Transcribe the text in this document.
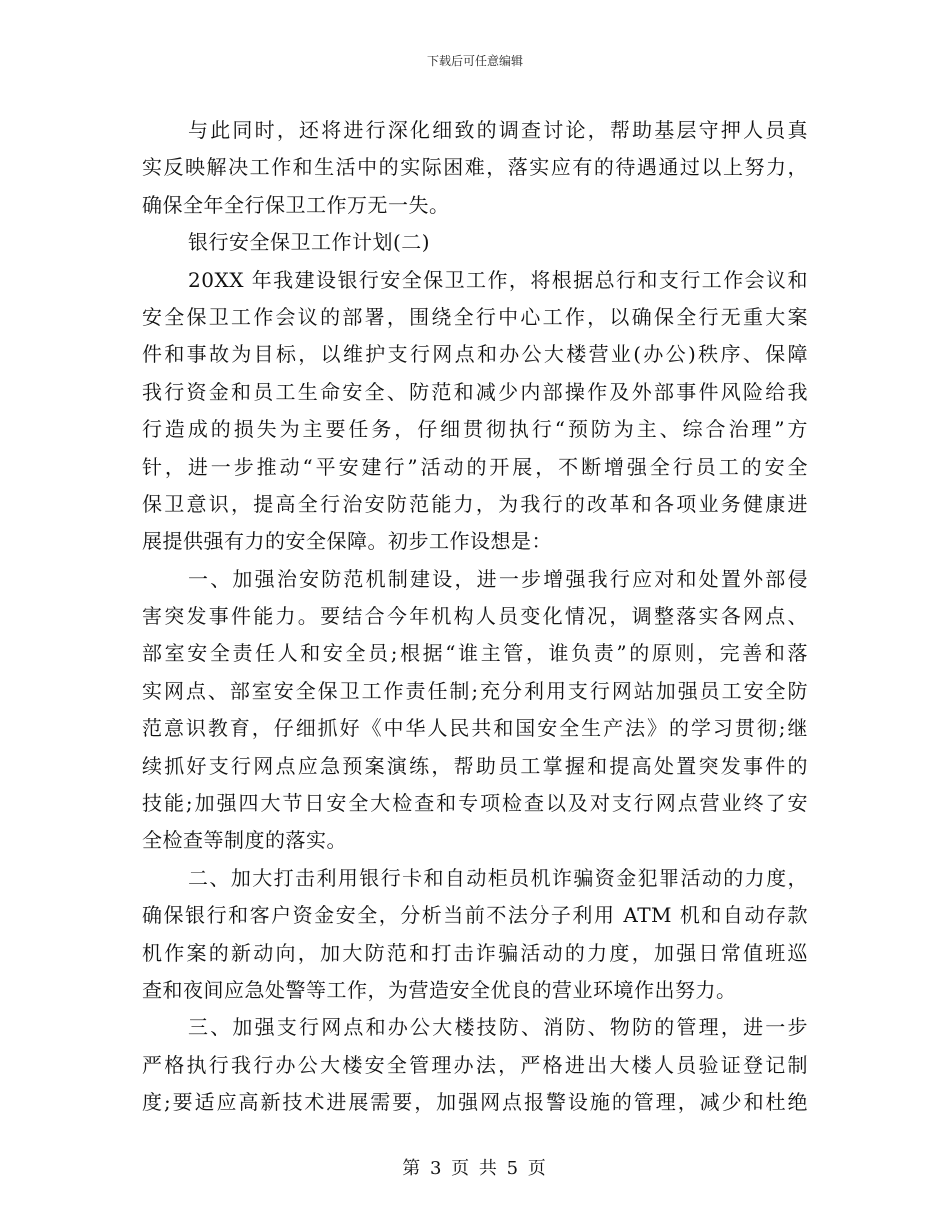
下载后可任意编辑
与此同时，还将进行深化细致的调查讨论，帮助基层守押人员真
实反映解决工作和生活中的实际困难，落实应有的待遇通过以上努力，
确保全年全行保卫工作万无一失。
银行安全保卫工作计划(二)
20XX 年我建设银行安全保卫工作，将根据总行和支行工作会议和
安全保卫工作会议的部署，围绕全行中心工作，以确保全行无重大案
件和事故为目标，以维护支行网点和办公大楼营业(办公)秩序、保障
我行资金和员工生命安全、防范和减少内部操作及外部事件风险给我
行造成的损失为主要任务，仔细贯彻执行“预防为主、综合治理”方
针，进一步推动“平安建行”活动的开展，不断增强全行员工的安全
保卫意识，提高全行治安防范能力，为我行的改革和各项业务健康进
展提供强有力的安全保障。初步工作设想是：
一、加强治安防范机制建设，进一步增强我行应对和处置外部侵
害突发事件能力。要结合今年机构人员变化情况，调整落实各网点、
部室安全责任人和安全员;根据“谁主管，谁负责”的原则，完善和落
实网点、部室安全保卫工作责任制;充分利用支行网站加强员工安全防
范意识教育，仔细抓好《中华人民共和国安全生产法》的学习贯彻;继
续抓好支行网点应急预案演练，帮助员工掌握和提高处置突发事件的
技能;加强四大节日安全大检查和专项检查以及对支行网点营业终了安
全检查等制度的落实。
二、加大打击利用银行卡和自动柜员机诈骗资金犯罪活动的力度，
确保银行和客户资金安全，分析当前不法分子利用 ATM 机和自动存款
机作案的新动向，加大防范和打击诈骗活动的力度，加强日常值班巡
查和夜间应急处警等工作，为营造安全优良的营业环境作出努力。
三、加强支行网点和办公大楼技防、消防、物防的管理，进一步
严格执行我行办公大楼安全管理办法，严格进出大楼人员验证登记制
度;要适应高新技术进展需要，加强网点报警设施的管理，减少和杜绝
第 3 页 共 5 页
